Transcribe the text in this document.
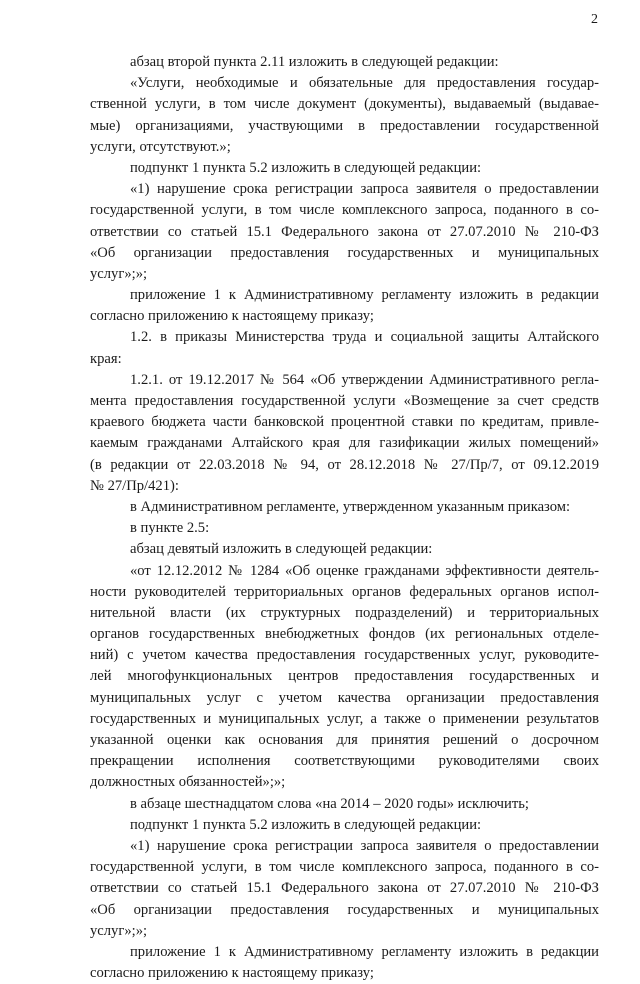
2
абзац второй пункта 2.11 изложить в следующей редакции:
«Услуги, необходимые и обязательные для предоставления государ-
ственной услуги, в том числе документ (документы), выдаваемый (выдавае-
мые) организациями, участвующими в предоставлении государственной
услуги, отсутствуют.»;
подпункт 1 пункта 5.2 изложить в следующей редакции:
«1) нарушение срока регистрации запроса заявителя о предоставлении
государственной услуги, в том числе комплексного запроса, поданного в со-
ответствии со статьей 15.1 Федерального закона от 27.07.2010 № 210-ФЗ
«Об организации предоставления государственных и муниципальных
услуг»;»;
приложение 1 к Административному регламенту изложить в редакции
согласно приложению к настоящему приказу;
1.2. в приказы Министерства труда и социальной защиты Алтайского
края:
1.2.1. от 19.12.2017 № 564 «Об утверждении Административного регла-
мента предоставления государственной услуги «Возмещение за счет средств
краевого бюджета части банковской процентной ставки по кредитам, привле-
каемым гражданами Алтайского края для газификации жилых помещений»
(в редакции от 22.03.2018 № 94, от 28.12.2018 № 27/Пр/7, от 09.12.2019
№ 27/Пр/421):
в Административном регламенте, утвержденном указанным приказом:
в пункте 2.5:
абзац девятый изложить в следующей редакции:
«от 12.12.2012 № 1284 «Об оценке гражданами эффективности деятель-
ности руководителей территориальных органов федеральных органов испол-
нительной власти (их структурных подразделений) и территориальных
органов государственных внебюджетных фондов (их региональных отделе-
ний) с учетом качества предоставления государственных услуг, руководите-
лей многофункциональных центров предоставления государственных и
муниципальных услуг с учетом качества организации предоставления
государственных и муниципальных услуг, а также о применении результатов
указанной оценки как основания для принятия решений о досрочном
прекращении исполнения соответствующими руководителями своих
должностных обязанностей»;»;
в абзаце шестнадцатом слова «на 2014 – 2020 годы» исключить;
подпункт 1 пункта 5.2 изложить в следующей редакции:
«1) нарушение срока регистрации запроса заявителя о предоставлении
государственной услуги, в том числе комплексного запроса, поданного в со-
ответствии со статьей 15.1 Федерального закона от 27.07.2010 № 210-ФЗ
«Об организации предоставления государственных и муниципальных
услуг»;»;
приложение 1 к Административному регламенту изложить в редакции
согласно приложению к настоящему приказу;
